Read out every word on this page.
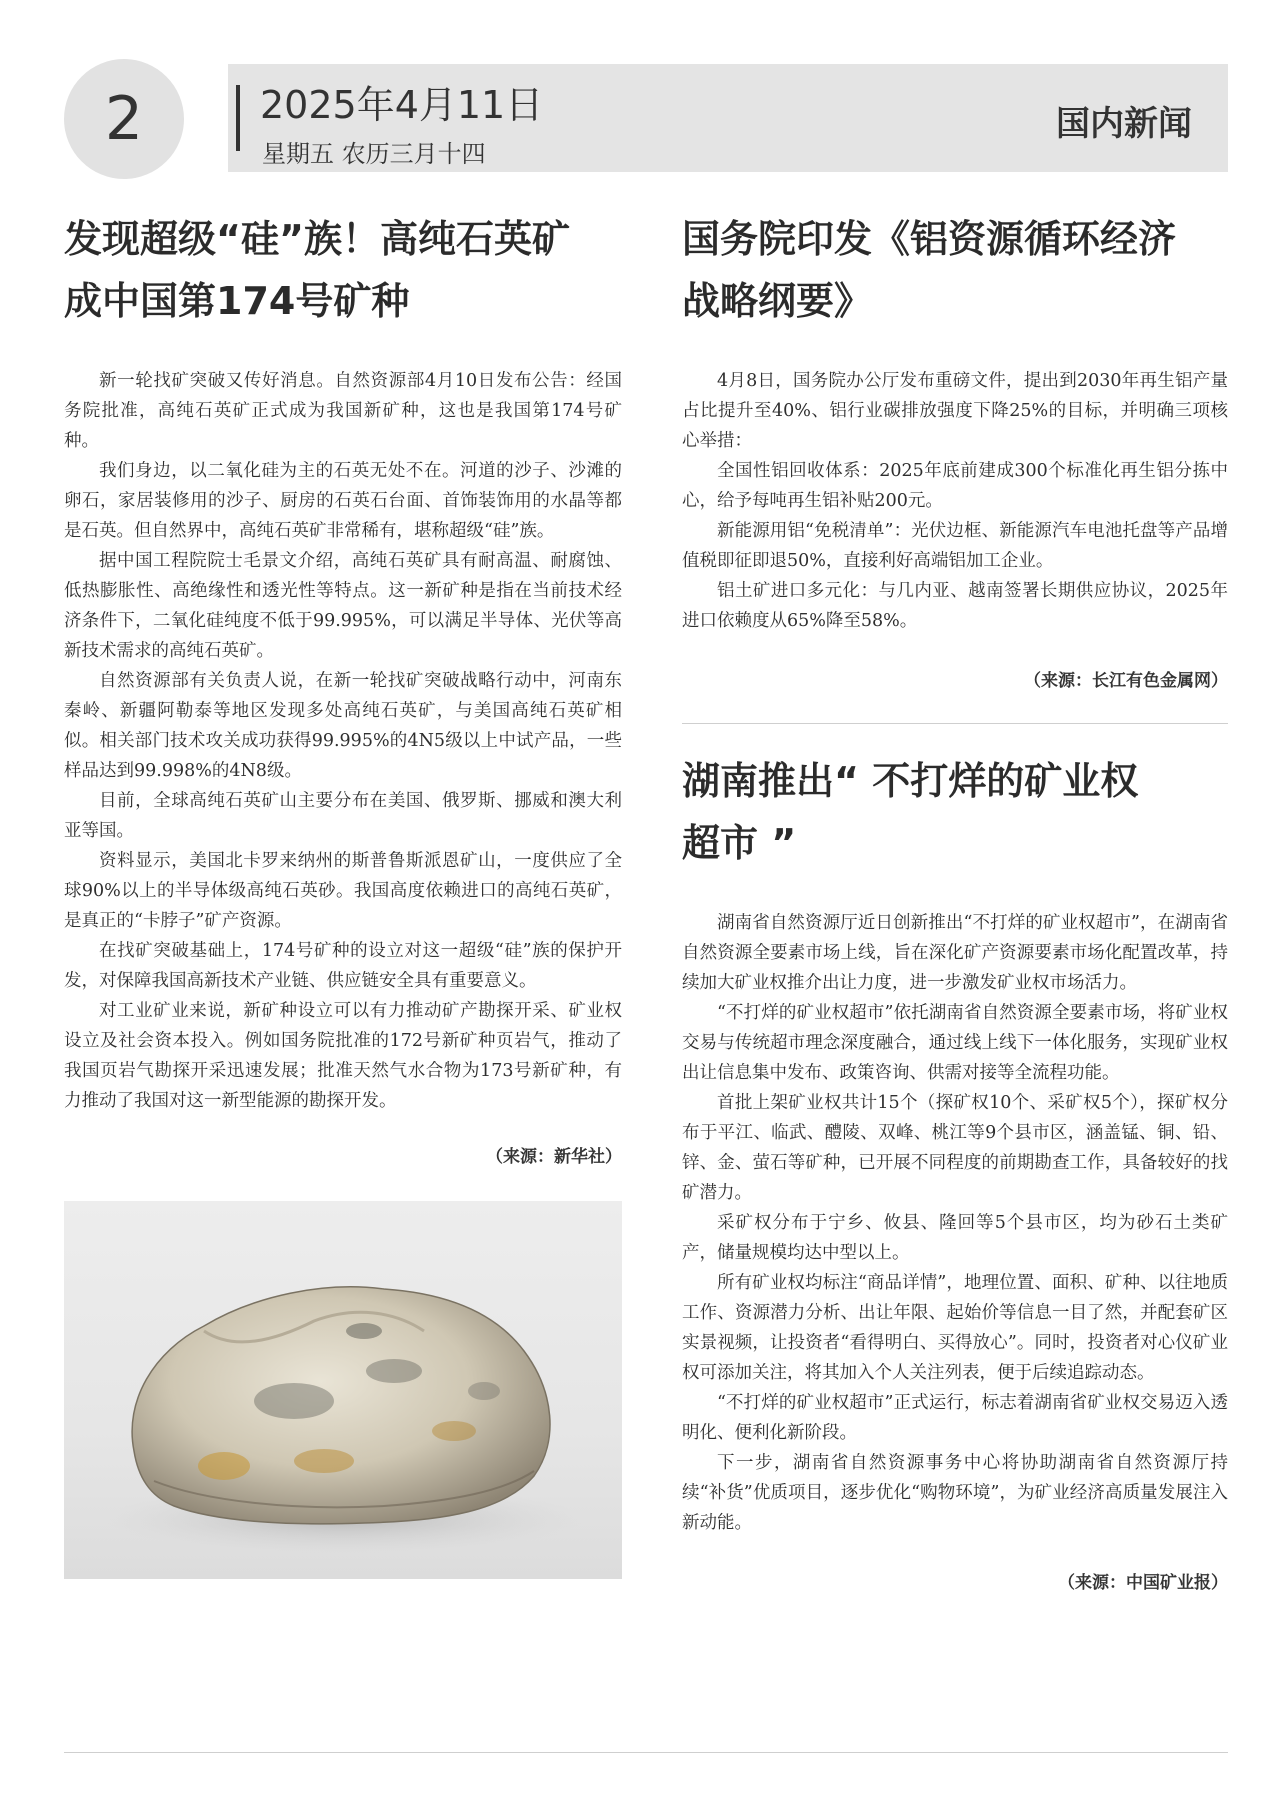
2	2025年4月11日
星期五 农历三月十四
国内新闻
发现超级“硅”族！高纯石英矿
成中国第174号矿种

新一轮找矿突破又传好消息。自然资源部4月10日发布公告：经国务院批准，高纯石英矿正式成为我国新矿种，这也是我国第174号矿种。

我们身边，以二氧化硅为主的石英无处不在。河道的沙子、沙滩的卵石，家居装修用的沙子、厨房的石英石台面、首饰装饰用的水晶等都是石英。但自然界中，高纯石英矿非常稀有，堪称超级“硅”族。

据中国工程院院士毛景文介绍，高纯石英矿具有耐高温、耐腐蚀、低热膨胀性、高绝缘性和透光性等特点。这一新矿种是指在当前技术经济条件下，二氧化硅纯度不低于99.995%，可以满足半导体、光伏等高新技术需求的高纯石英矿。

自然资源部有关负责人说，在新一轮找矿突破战略行动中，河南东秦岭、新疆阿勒泰等地区发现多处高纯石英矿，与美国高纯石英矿相似。相关部门技术攻关成功获得99.995%的4N5级以上中试产品，一些样品达到99.998%的4N8级。

目前，全球高纯石英矿山主要分布在美国、俄罗斯、挪威和澳大利亚等国。

资料显示，美国北卡罗来纳州的斯普鲁斯派恩矿山，一度供应了全球90%以上的半导体级高纯石英砂。我国高度依赖进口的高纯石英矿，是真正的“卡脖子”矿产资源。

在找矿突破基础上，174号矿种的设立对这一超级“硅”族的保护开发，对保障我国高新技术产业链、供应链安全具有重要意义。

对工业矿业来说，新矿种设立可以有力推动矿产勘探开采、矿业权设立及社会资本投入。例如国务院批准的172号新矿种页岩气，推动了我国页岩气勘探开采迅速发展；批准天然气水合物为173号新矿种，有力推动了我国对这一新型能源的勘探开发。

（来源：新华社）
国务院印发《铝资源循环经济
战略纲要》

4月8日，国务院办公厅发布重磅文件，提出到2030年再生铝产量占比提升至40%、铝行业碳排放强度下降25%的目标，并明确三项核心举措：

全国性铝回收体系：2025年底前建成300个标准化再生铝分拣中心，给予每吨再生铝补贴200元。

新能源用铝“免税清单”：光伏边框、新能源汽车电池托盘等产品增值税即征即退50%，直接利好高端铝加工企业。

铝土矿进口多元化：与几内亚、越南签署长期供应协议，2025年进口依赖度从65%降至58%。

（来源：长江有色金属网）
湖南推出“ 不打烊的矿业权
超市 ”

湖南省自然资源厅近日创新推出“不打烊的矿业权超市”，在湖南省自然资源全要素市场上线，旨在深化矿产资源要素市场化配置改革，持续加大矿业权推介出让力度，进一步激发矿业权市场活力。

“不打烊的矿业权超市”依托湖南省自然资源全要素市场，将矿业权交易与传统超市理念深度融合，通过线上线下一体化服务，实现矿业权出让信息集中发布、政策咨询、供需对接等全流程功能。

首批上架矿业权共计15个（探矿权10个、采矿权5个），探矿权分布于平江、临武、醴陵、双峰、桃江等9个县市区，涵盖锰、铜、铅、锌、金、萤石等矿种，已开展不同程度的前期勘查工作，具备较好的找矿潜力。

采矿权分布于宁乡、攸县、隆回等5个县市区，均为砂石土类矿产，储量规模均达中型以上。

所有矿业权均标注“商品详情”，地理位置、面积、矿种、以往地质工作、资源潜力分析、出让年限、起始价等信息一目了然，并配套矿区实景视频，让投资者“看得明白、买得放心”。同时，投资者对心仪矿业权可添加关注，将其加入个人关注列表，便于后续追踪动态。

“不打烊的矿业权超市”正式运行，标志着湖南省矿业权交易迈入透明化、便利化新阶段。

下一步，湖南省自然资源事务中心将协助湖南省自然资源厅持续“补货”优质项目，逐步优化“购物环境”，为矿业经济高质量发展注入新动能。

（来源：中国矿业报）
